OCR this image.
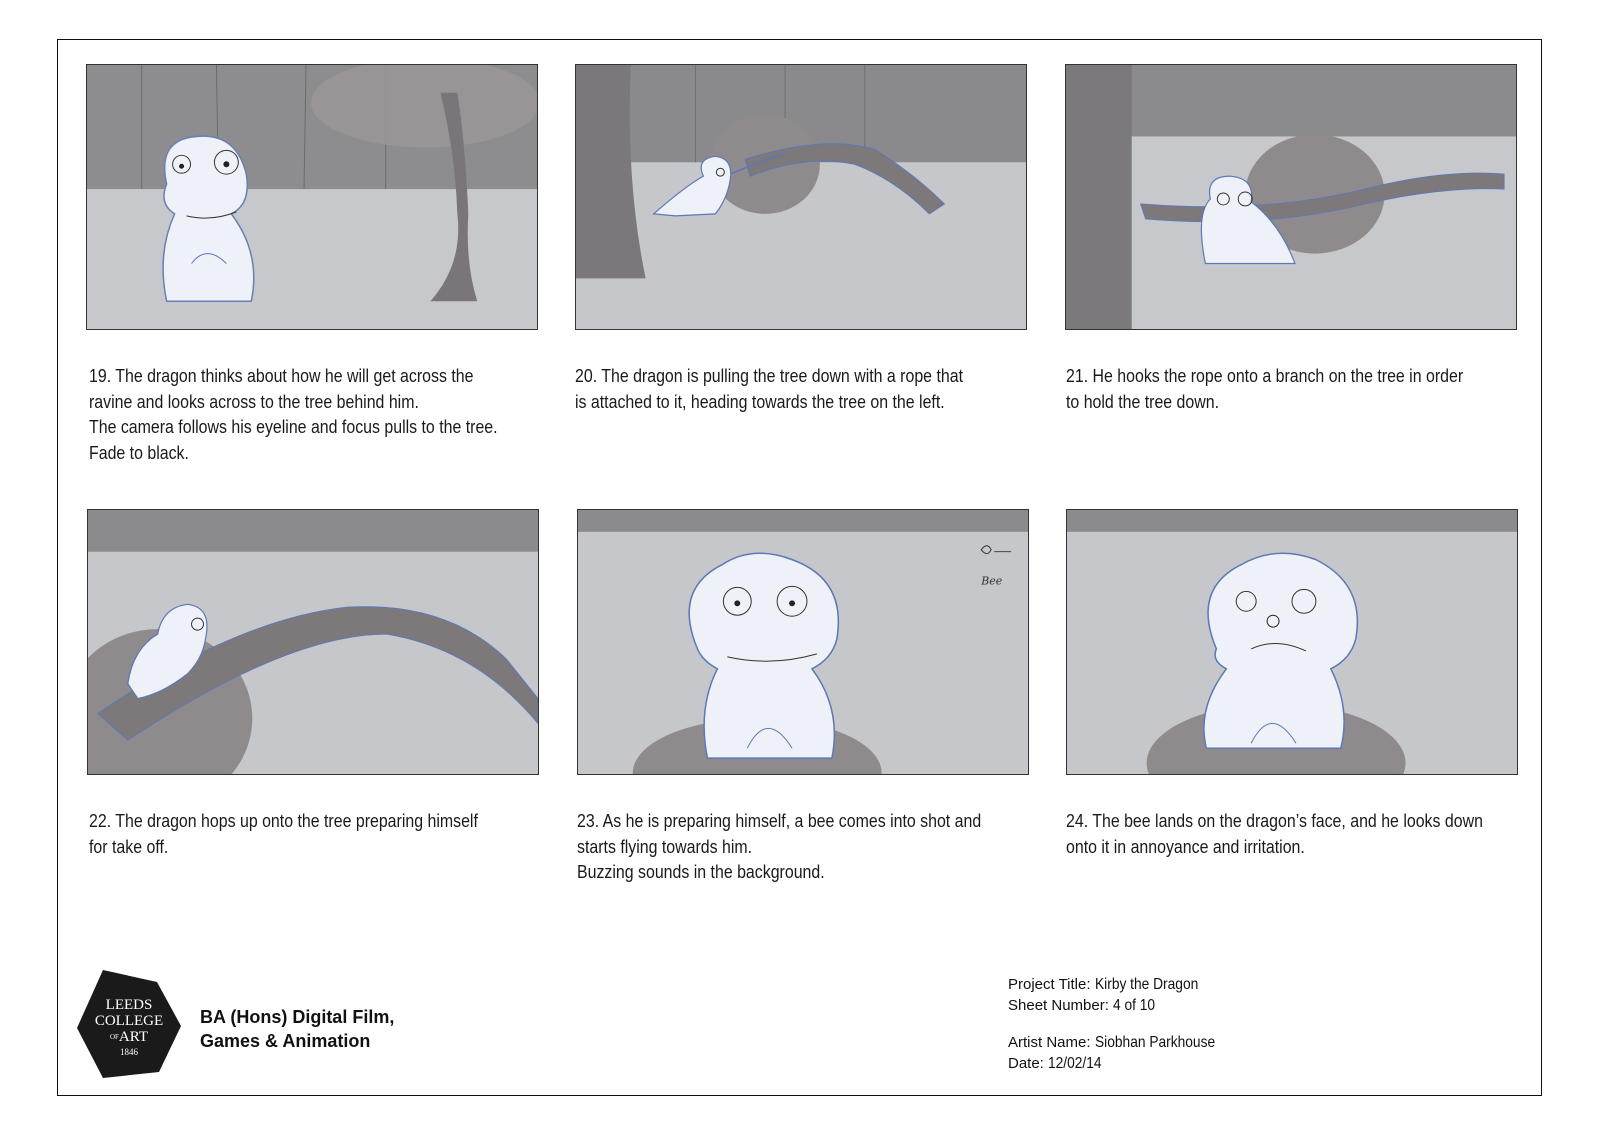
Bee
19. The dragon thinks about how he will get across the
ravine and looks across to the tree behind him.
The camera follows his eyeline and focus pulls to the tree.
Fade to black.
20. The dragon is pulling the tree down with a rope that
is attached to it, heading towards the tree on the left.
21. He hooks the rope onto a branch on the tree in order
to hold the tree down.
22. The dragon hops up onto the tree preparing himself
for take off.
23. As he is preparing himself, a bee comes into shot and
starts flying towards him.
Buzzing sounds in the background.
24. The bee lands on the dragon’s face, and he looks down
onto it in annoyance and irritation.
LEEDS
COLLEGE
OFART
1846
BA (Hons) Digital Film,
Games & Animation
Project Title: Kirby the Dragon
Sheet Number: 4 of 10
Artist Name: Siobhan Parkhouse
Date: 12/02/14
